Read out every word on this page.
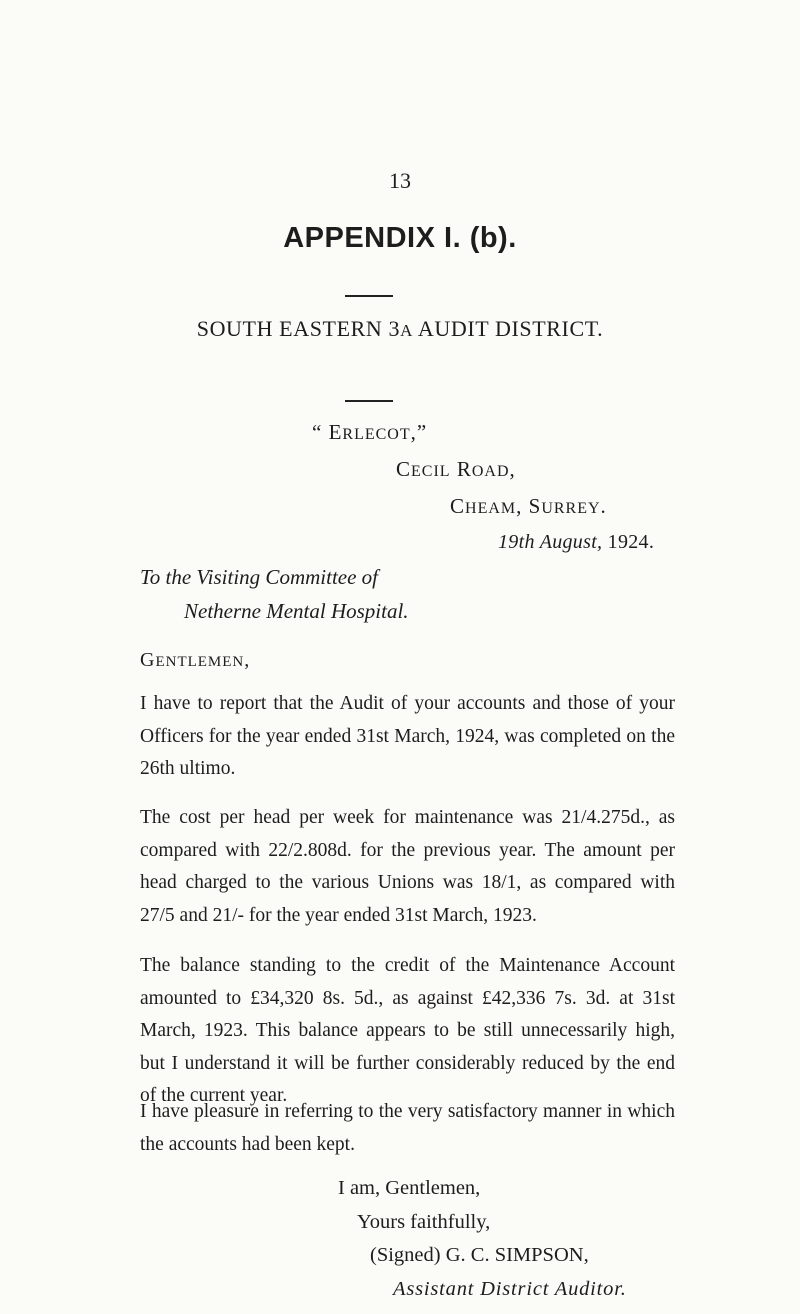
13
APPENDIX I. (b).
SOUTH EASTERN 3A AUDIT DISTRICT.
“ ERLECOT,”
CECIL ROAD,
CHEAM, SURREY.
19th August, 1924.
To the Visiting Committee of
Netherne Mental Hospital.
GENTLEMEN,
I have to report that the Audit of your accounts and those of your Officers for the year ended 31st March, 1924, was completed on the 26th ultimo.
The cost per head per week for maintenance was 21/4.275d., as compared with 22/2.808d. for the previous year. The amount per head charged to the various Unions was 18/1, as compared with 27/5 and 21/- for the year ended 31st March, 1923.
The balance standing to the credit of the Maintenance Account amounted to £34,320 8s. 5d., as against £42,336 7s. 3d. at 31st March, 1923. This balance appears to be still unnecessarily high, but I understand it will be further considerably reduced by the end of the current year.
I have pleasure in referring to the very satisfactory manner in which the accounts had been kept.
I am, Gentlemen,
Yours faithfully,
(Signed) G. C. SIMPSON,
Assistant District Auditor.
